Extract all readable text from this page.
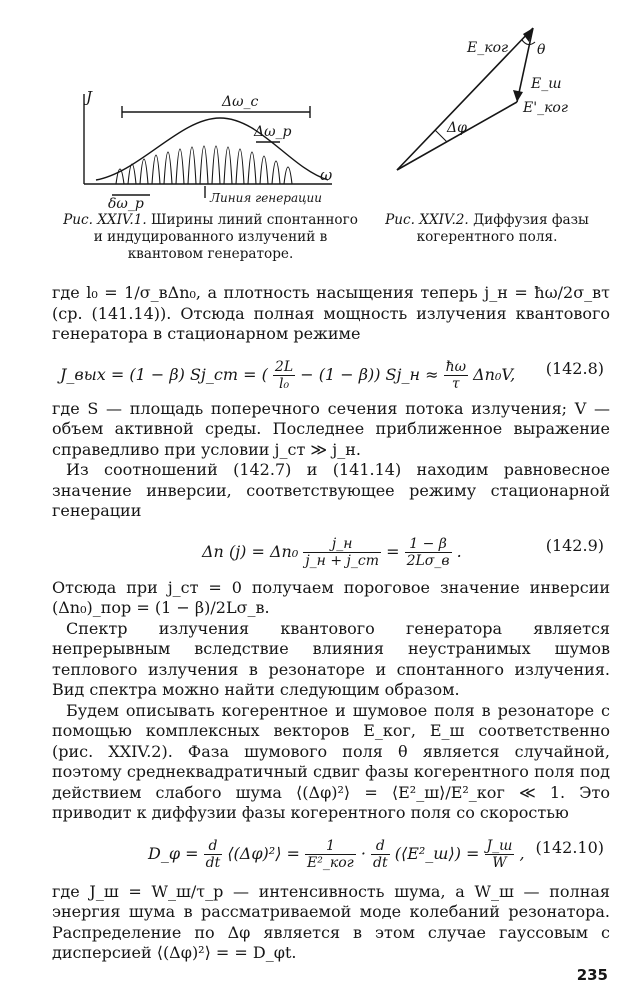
J
ω
Δω_c
Δω_p
δω_p	Линия генерации
Рис. XXIV.1. Ширины линий спонтанного и индуцированного излучений в квантовом генераторе.
E_ког θ
E_ш
E'_ког
Δφ
Рис. XXIV.2. Диффузия фазы когерентного поля.

где l₀ = 1/σ_вΔn₀, а плотность насыщения теперь j_н = ħω/2σ_вτ (ср. (141.14)). Отсюда полная мощность излучения квантового генератора в стационарном режиме

J_вых = (1 − β) Sj_ст = ( $\frac{2L}{\text{l₀}} - (1 - \beta)$) Sj_н ≈ $\frac{ħ\omega}{\tau} \Delta n_0V$, (142.8)

где S — площадь поперечного сечения потока излучения; V — объем активной среды. Последнее приближенное выражение справедливо при условии j_ст ≫ j_н.

Из соотношений (142.7) и (141.14) находим равновесное значение инверсии, соответствующее режиму стационарной генерации

Δn $(j) = \Delta n_0 \frac{j\_н}{j\_н + j\_ст} = \frac{1 - \beta}{2L\sigma\_в}$ .	(142.9)

Отсюда при j_ст = 0 получаем пороговое значение инверсии (Δn₀)_пор = (1 − β)/2Lσ_в.

Спектр излучения квантового генератора является непрерывным вследствие влияния неустранимых шумов теплового излучения в резонаторе и спонтанного излучения. Вид спектра можно найти следующим образом.

Будем описывать когерентное и шумовое поля в резонаторе с помощью комплексных векторов E_ког, E_ш соответственно (рис. XXIV.2). Фаза шумового поля θ является случайной, поэтому среднеквадратичный сдвиг фазы когерентного поля под действием слабого шума ⟨(Δφ)²⟩ = ⟨E²_ш⟩/E²_ког ≪ 1. Это приводит к диффузии фазы когерентного поля со скоростью

D_φ = $\frac{d}{dt}$ ⟨(Δφ)²⟩ = $\frac{1}{\text{E²\_ког}} \cdot \frac{d}{dt}$ (⟨E²_ш⟩) = $\frac{J\_ш}{W}$ , (142.10)

где J_ш = W_ш/τ_р — интенсивность шума, а W_ш — полная энергия шума в рассматриваемой моде колебаний резонатора. Распределение по Δφ является в этом случае гауссовым с дисперсией ⟨(Δφ)²⟩ = = D_φt.

235
